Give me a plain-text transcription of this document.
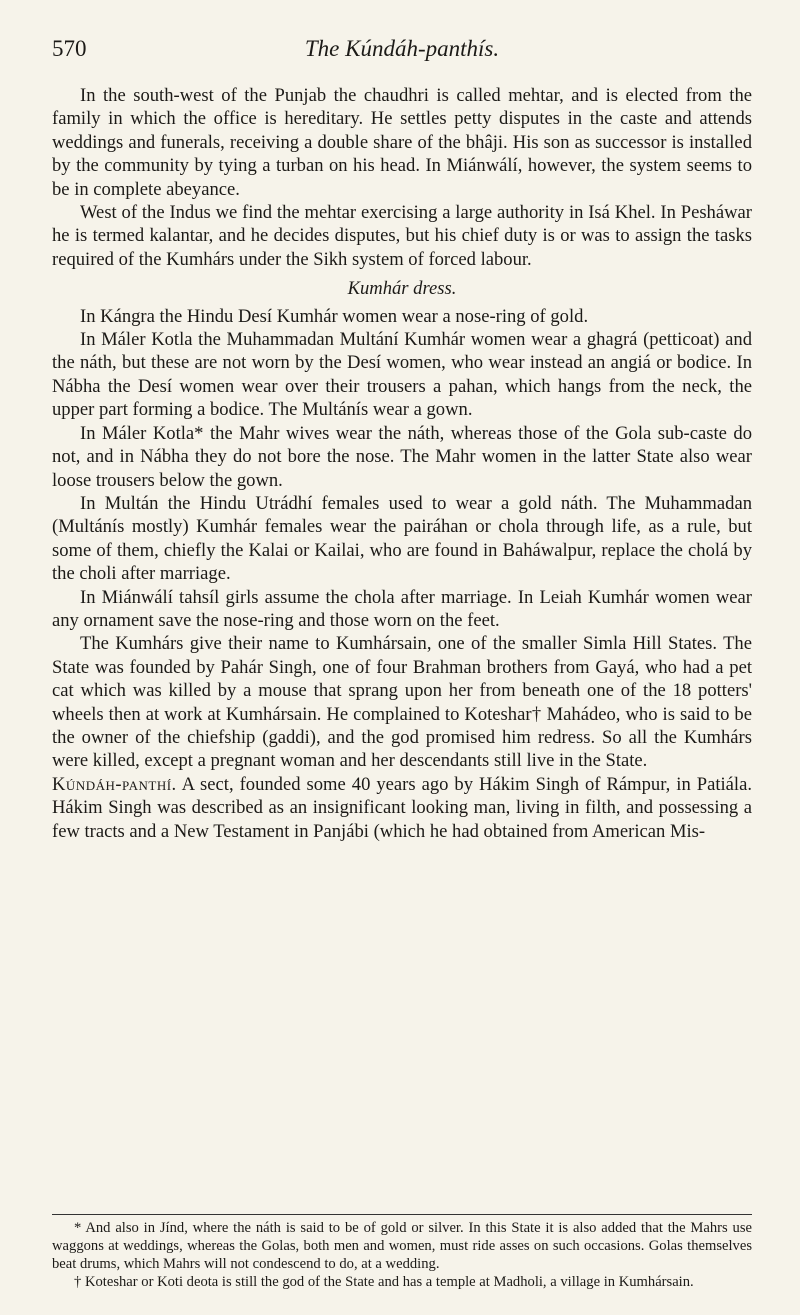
570	The Kúndáh-panthís.

In the south-west of the Punjab the chaudhri is called mehtar, and is elected from the family in which the office is hereditary. He settles petty disputes in the caste and attends weddings and funerals, receiving a double share of the bhâji. His son as successor is installed by the community by tying a turban on his head. In Miánwálí, however, the system seems to be in complete abeyance.

West of the Indus we find the mehtar exercising a large authority in Isá Khel. In Pesháwar he is termed kalantar, and he decides disputes, but his chief duty is or was to assign the tasks required of the Kumhárs under the Sikh system of forced labour.

Kumhár dress.

In Kángra the Hindu Desí Kumhár women wear a nose-ring of gold.

In Máler Kotla the Muhammadan Multání Kumhár women wear a ghagrá (petticoat) and the náth, but these are not worn by the Desí women, who wear instead an angiá or bodice. In Nábha the Desí women wear over their trousers a pahan, which hangs from the neck, the upper part forming a bodice. The Multánís wear a gown.

In Máler Kotla* the Mahr wives wear the náth, whereas those of the Gola sub-caste do not, and in Nábha they do not bore the nose. The Mahr women in the latter State also wear loose trousers below the gown.

In Multán the Hindu Utrádhí females used to wear a gold náth. The Muhammadan (Multánís mostly) Kumhár females wear the pairáhan or chola through life, as a rule, but some of them, chiefly the Kalai or Kailai, who are found in Baháwalpur, replace the cholá by the choli after marriage.

In Miánwálí tahsíl girls assume the chola after marriage. In Leiah Kumhár women wear any ornament save the nose-ring and those worn on the feet.

The Kumhárs give their name to Kumhársain, one of the smaller Simla Hill States. The State was founded by Pahár Singh, one of four Brahman brothers from Gayá, who had a pet cat which was killed by a mouse that sprang upon her from beneath one of the 18 potters' wheels then at work at Kumhársain. He complained to Koteshar† Mahádeo, who is said to be the owner of the chiefship (gaddi), and the god promised him redress. So all the Kumhárs were killed, except a pregnant woman and her descendants still live in the State.

Kúndáh-panthí. A sect, founded some 40 years ago by Hákim Singh of Rámpur, in Patiála. Hákim Singh was described as an insignificant looking man, living in filth, and possessing a few tracts and a New Testament in Panjábi (which he had obtained from American Mis-

* And also in Jínd, where the náth is said to be of gold or silver. In this State it is also added that the Mahrs use waggons at weddings, whereas the Golas, both men and women, must ride asses on such occasions. Golas themselves beat drums, which Mahrs will not condescend to do, at a wedding.

† Koteshar or Koti deota is still the god of the State and has a temple at Madholi, a village in Kumhársain.
